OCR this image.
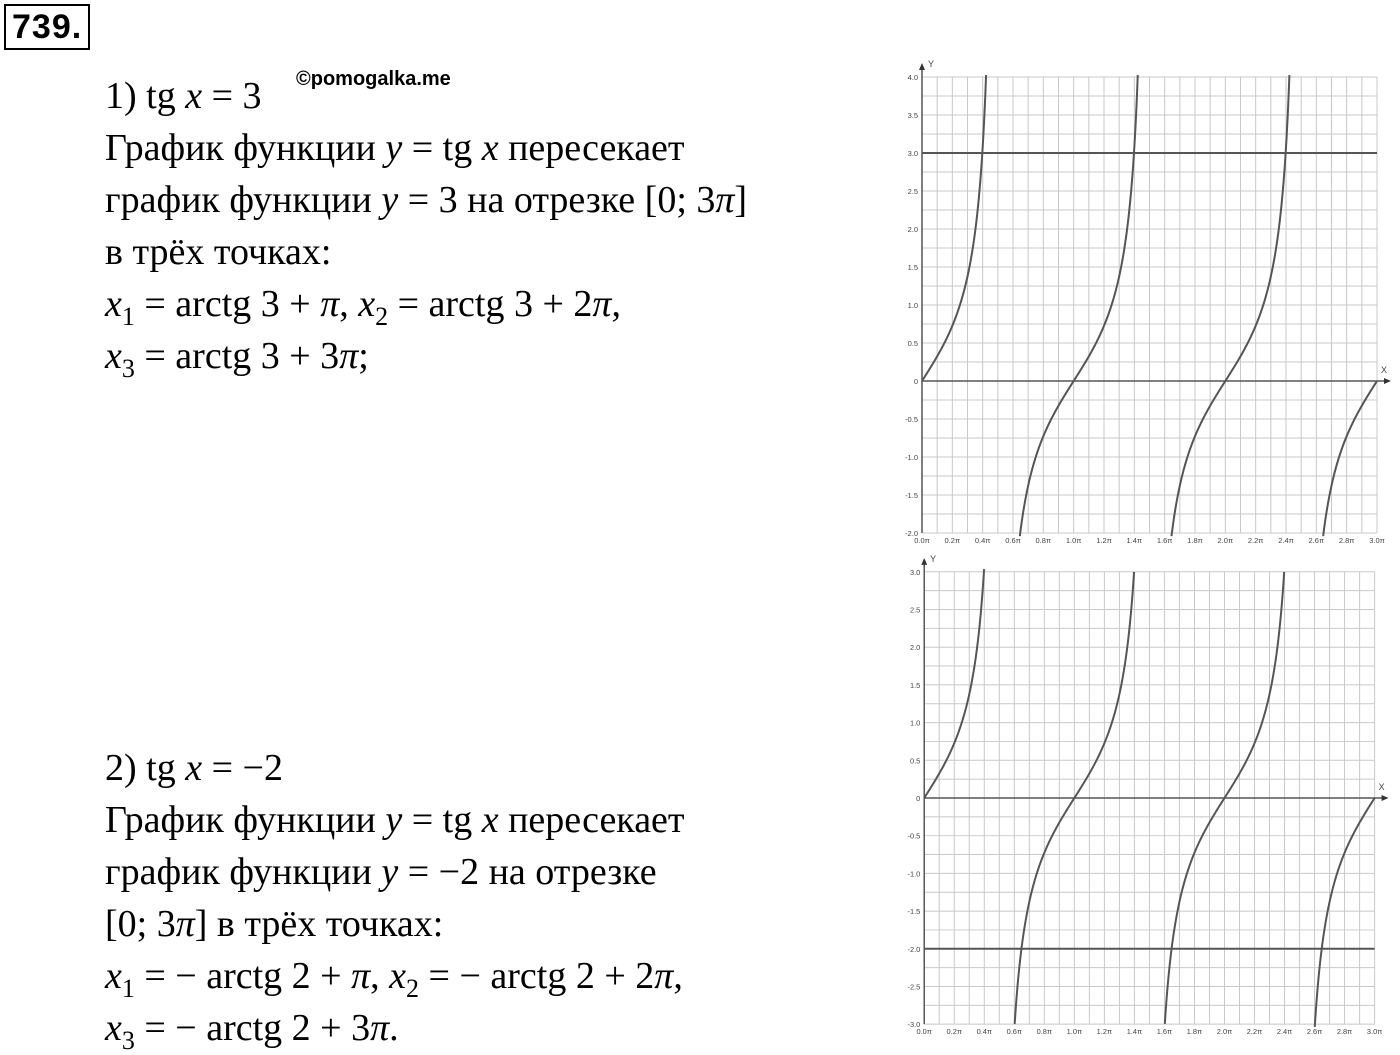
739.
©pomogalka.me
1) tg x = 3
График функции y = tg x пересекает
график функции y = 3 на отрезке [0; 3π]
в трёх точках:
$x_1$ = arctg 3 + π, $x_2$ = arctg 3 + 2π,
$x_3$ = arctg 3 + 3π;
2) tg x = −2
График функции y = tg x пересекает
график функции y = −2 на отрезке
[0; 3π] в трёх точках:
$x_1$ = − arctg 2 + π, $x_2$ = − arctg 2 + 2π,
$x_3$ = − arctg 2 + 3π.
X
Y
0.0π 0.2π 0.4π 0.6π 0.8π 1.0π 1.2π 1.4π 1.6π 1.8π 2.0π 2.2π 2.4π 2.6π 2.8π 3.0π
-2.0
-1.5
-1.0
-0.5
0
0.5
1.0
1.5
2.0
2.5
3.0
3.5
4.0
X
Y
0.0π 0.2π 0.4π 0.6π 0.8π 1.0π 1.2π 1.4π 1.6π 1.8π 2.0π 2.2π 2.4π 2.6π 2.8π 3.0π
-3.0
-2.5
-2.0
-1.5
-1.0
-0.5
0
0.5
1.0
1.5
2.0
2.5
3.0
